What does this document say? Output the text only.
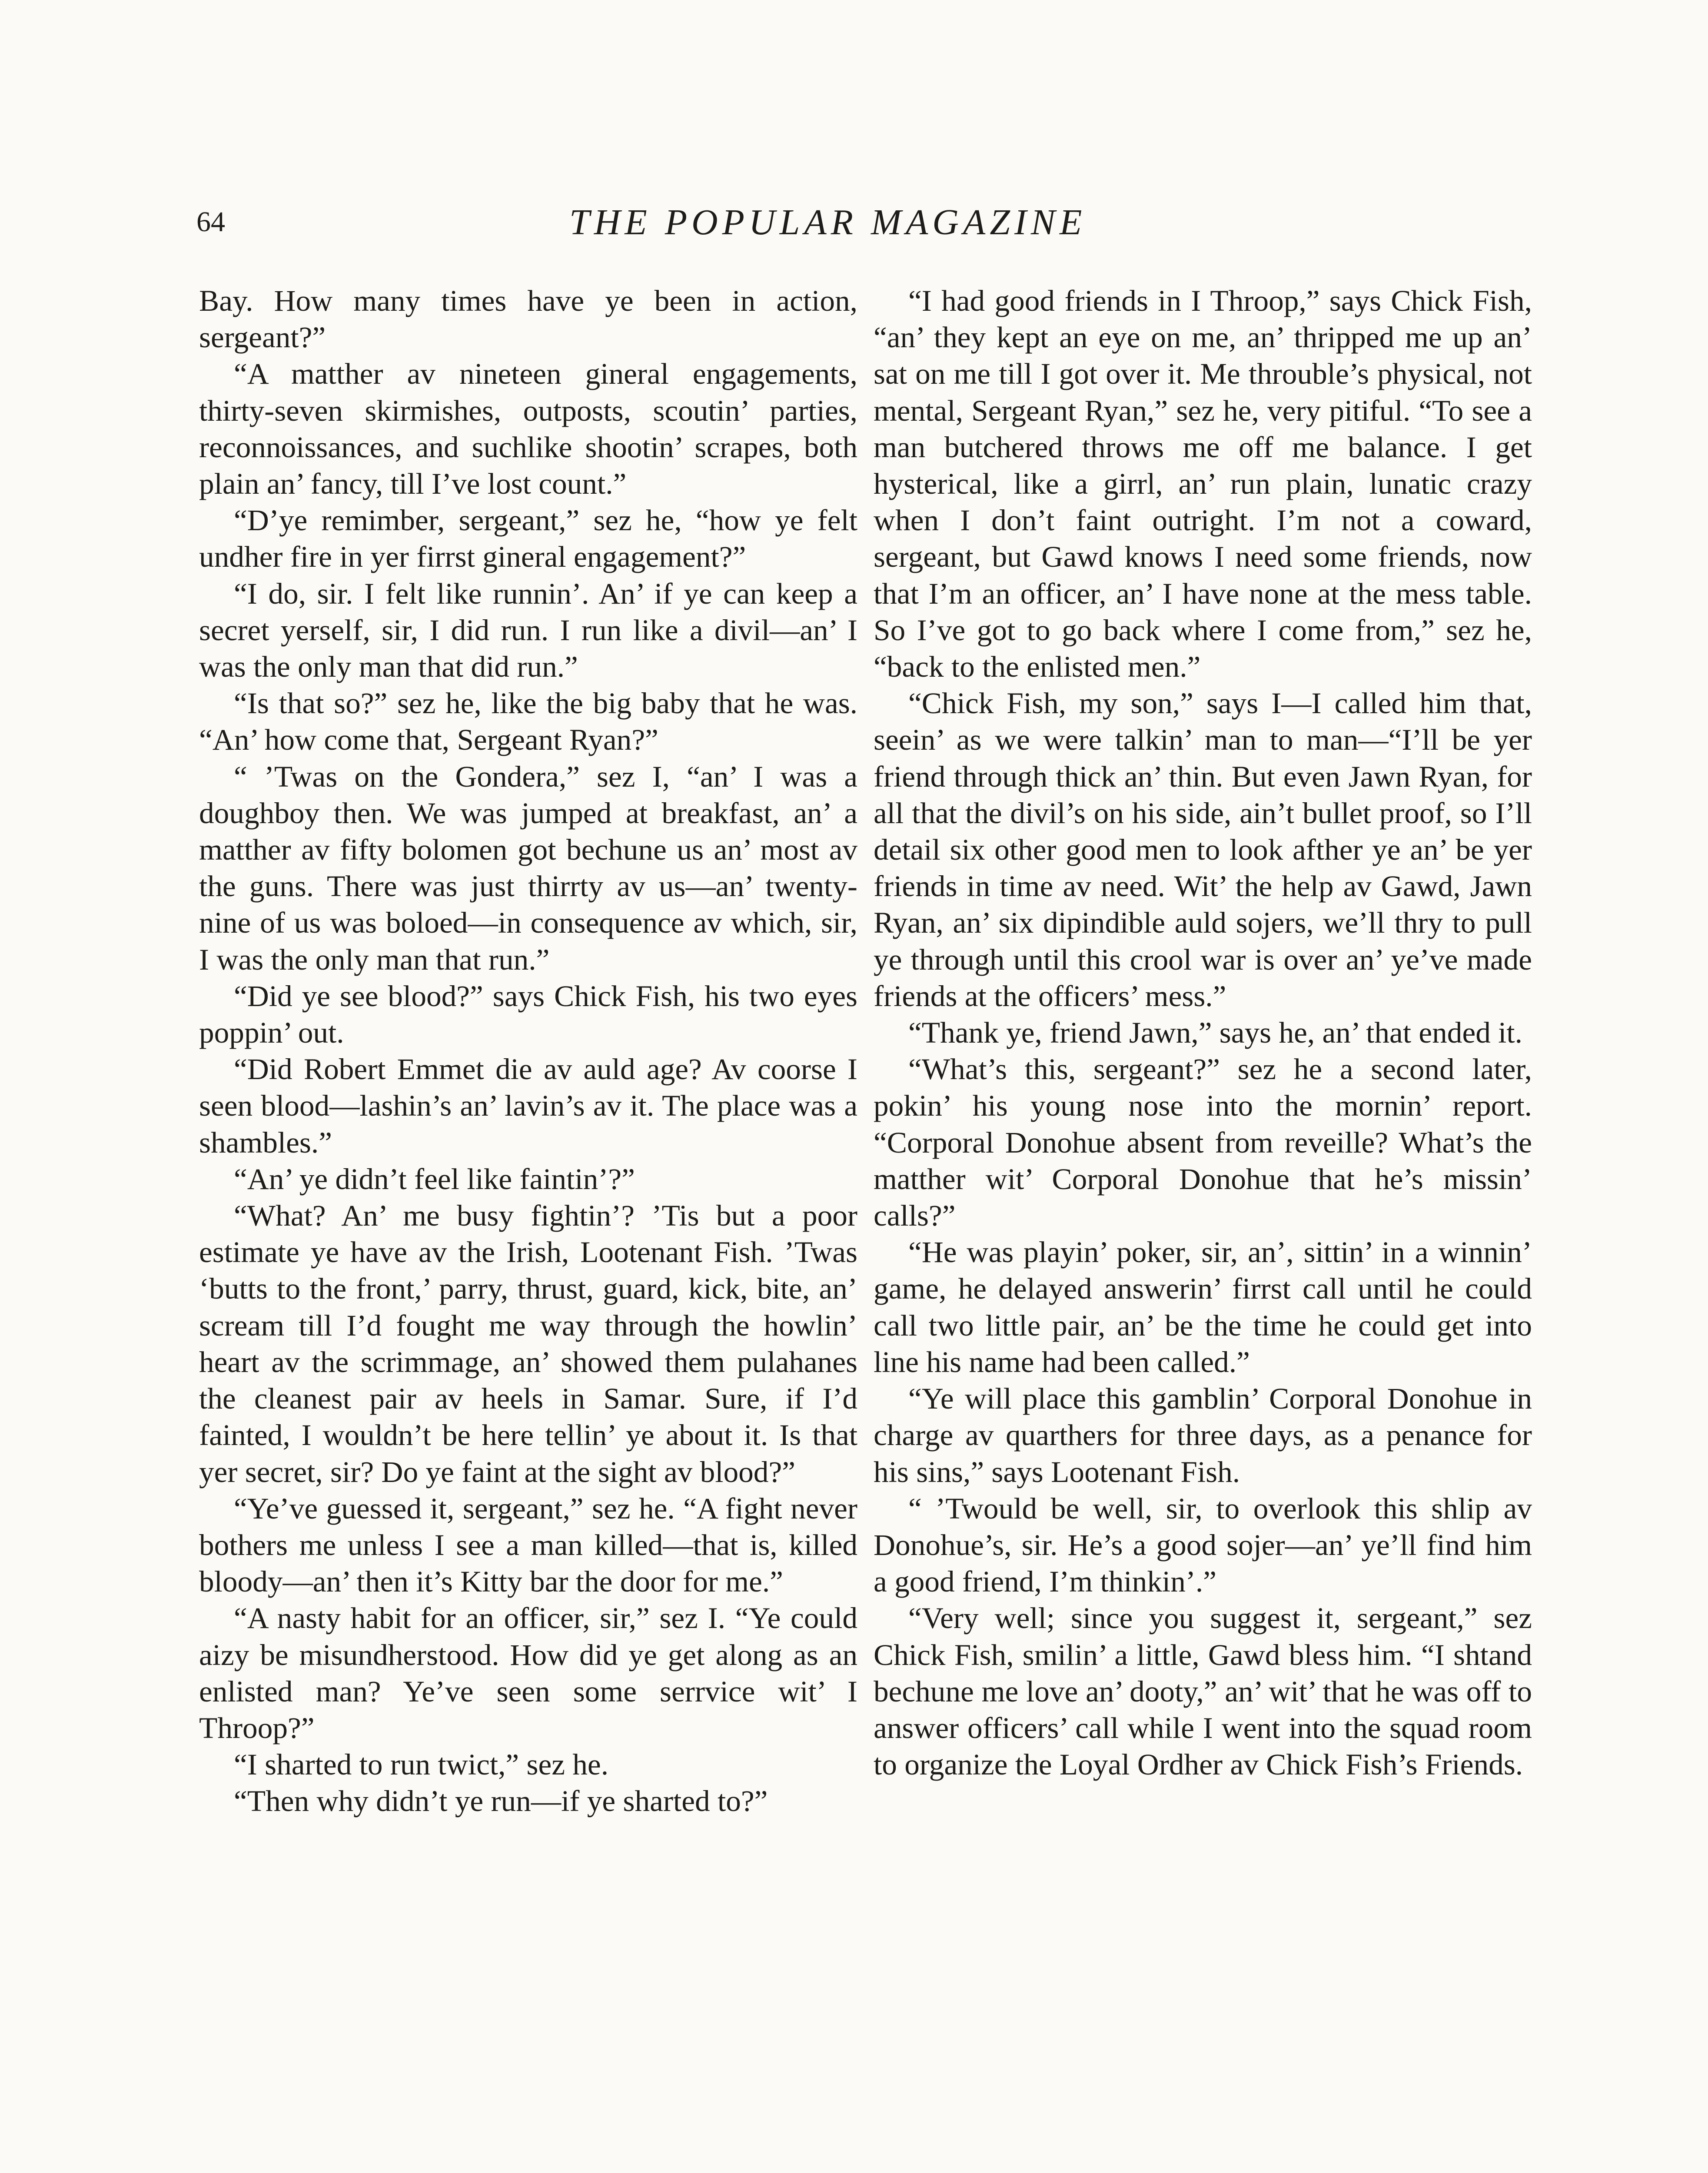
64	THE POPULAR MAGAZINE

Bay. How many times have ye been in action, sergeant?”

“A matther av nineteen gineral engagements, thirty-seven skirmishes, outposts, scoutin’ parties, reconnoissances, and suchlike shootin’ scrapes, both plain an’ fancy, till I’ve lost count.”

“D’ye remimber, sergeant,” sez he, “how ye felt undher fire in yer firrst gineral engagement?”

“I do, sir. I felt like runnin’. An’ if ye can keep a secret yerself, sir, I did run. I run like a divil—an’ I was the only man that did run.”

“Is that so?” sez he, like the big baby that he was. “An’ how come that, Sergeant Ryan?”

“ ’Twas on the Gondera,” sez I, “an’ I was a doughboy then. We was jumped at breakfast, an’ a matther av fifty bolomen got bechune us an’ most av the guns. There was just thirrty av us—an’ twenty-nine of us was boloed—in consequence av which, sir, I was the only man that run.”

“Did ye see blood?” says Chick Fish, his two eyes poppin’ out.

“Did Robert Emmet die av auld age? Av coorse I seen blood—lashin’s an’ lavin’s av it. The place was a shambles.”

“An’ ye didn’t feel like faintin’?”

“What? An’ me busy fightin’? ’Tis but a poor estimate ye have av the Irish, Lootenant Fish. ’Twas ‘butts to the front,’ parry, thrust, guard, kick, bite, an’ scream till I’d fought me way through the howlin’ heart av the scrimmage, an’ showed them pulahanes the cleanest pair av heels in Samar. Sure, if I’d fainted, I wouldn’t be here tellin’ ye about it. Is that yer secret, sir? Do ye faint at the sight av blood?”

“Ye’ve guessed it, sergeant,” sez he. “A fight never bothers me unless I see a man killed—that is, killed bloody—an’ then it’s Kitty bar the door for me.”

“A nasty habit for an officer, sir,” sez I. “Ye could aizy be misundherstood. How did ye get along as an enlisted man? Ye’ve seen some serrvice wit’ I Throop?”

“I sharted to run twict,” sez he.

“Then why didn’t ye run—if ye sharted to?”

“I had good friends in I Throop,” says Chick Fish, “an’ they kept an eye on me, an’ thripped me up an’ sat on me till I got over it. Me throuble’s physical, not mental, Sergeant Ryan,” sez he, very pitiful. “To see a man butchered throws me off me balance. I get hysterical, like a girrl, an’ run plain, lunatic crazy when I don’t faint outright. I’m not a coward, sergeant, but Gawd knows I need some friends, now that I’m an officer, an’ I have none at the mess table. So I’ve got to go back where I come from,” sez he, “back to the enlisted men.”

“Chick Fish, my son,” says I—I called him that, seein’ as we were talkin’ man to man—“I’ll be yer friend through thick an’ thin. But even Jawn Ryan, for all that the divil’s on his side, ain’t bullet proof, so I’ll detail six other good men to look afther ye an’ be yer friends in time av need. Wit’ the help av Gawd, Jawn Ryan, an’ six dipindible auld sojers, we’ll thry to pull ye through until this crool war is over an’ ye’ve made friends at the officers’ mess.”

“Thank ye, friend Jawn,” says he, an’ that ended it.

“What’s this, sergeant?” sez he a second later, pokin’ his young nose into the mornin’ report. “Corporal Donohue absent from reveille? What’s the matther wit’ Corporal Donohue that he’s missin’ calls?”

“He was playin’ poker, sir, an’, sittin’ in a winnin’ game, he delayed answerin’ firrst call until he could call two little pair, an’ be the time he could get into line his name had been called.”

“Ye will place this gamblin’ Corporal Donohue in charge av quarthers for three days, as a penance for his sins,” says Lootenant Fish.

“ ’Twould be well, sir, to overlook this shlip av Donohue’s, sir. He’s a good sojer—an’ ye’ll find him a good friend, I’m thinkin’.”

“Very well; since you suggest it, sergeant,” sez Chick Fish, smilin’ a little, Gawd bless him. “I shtand bechune me love an’ dooty,” an’ wit’ that he was off to answer officers’ call while I went into the squad room to organize the Loyal Ordher av Chick Fish’s Friends.
